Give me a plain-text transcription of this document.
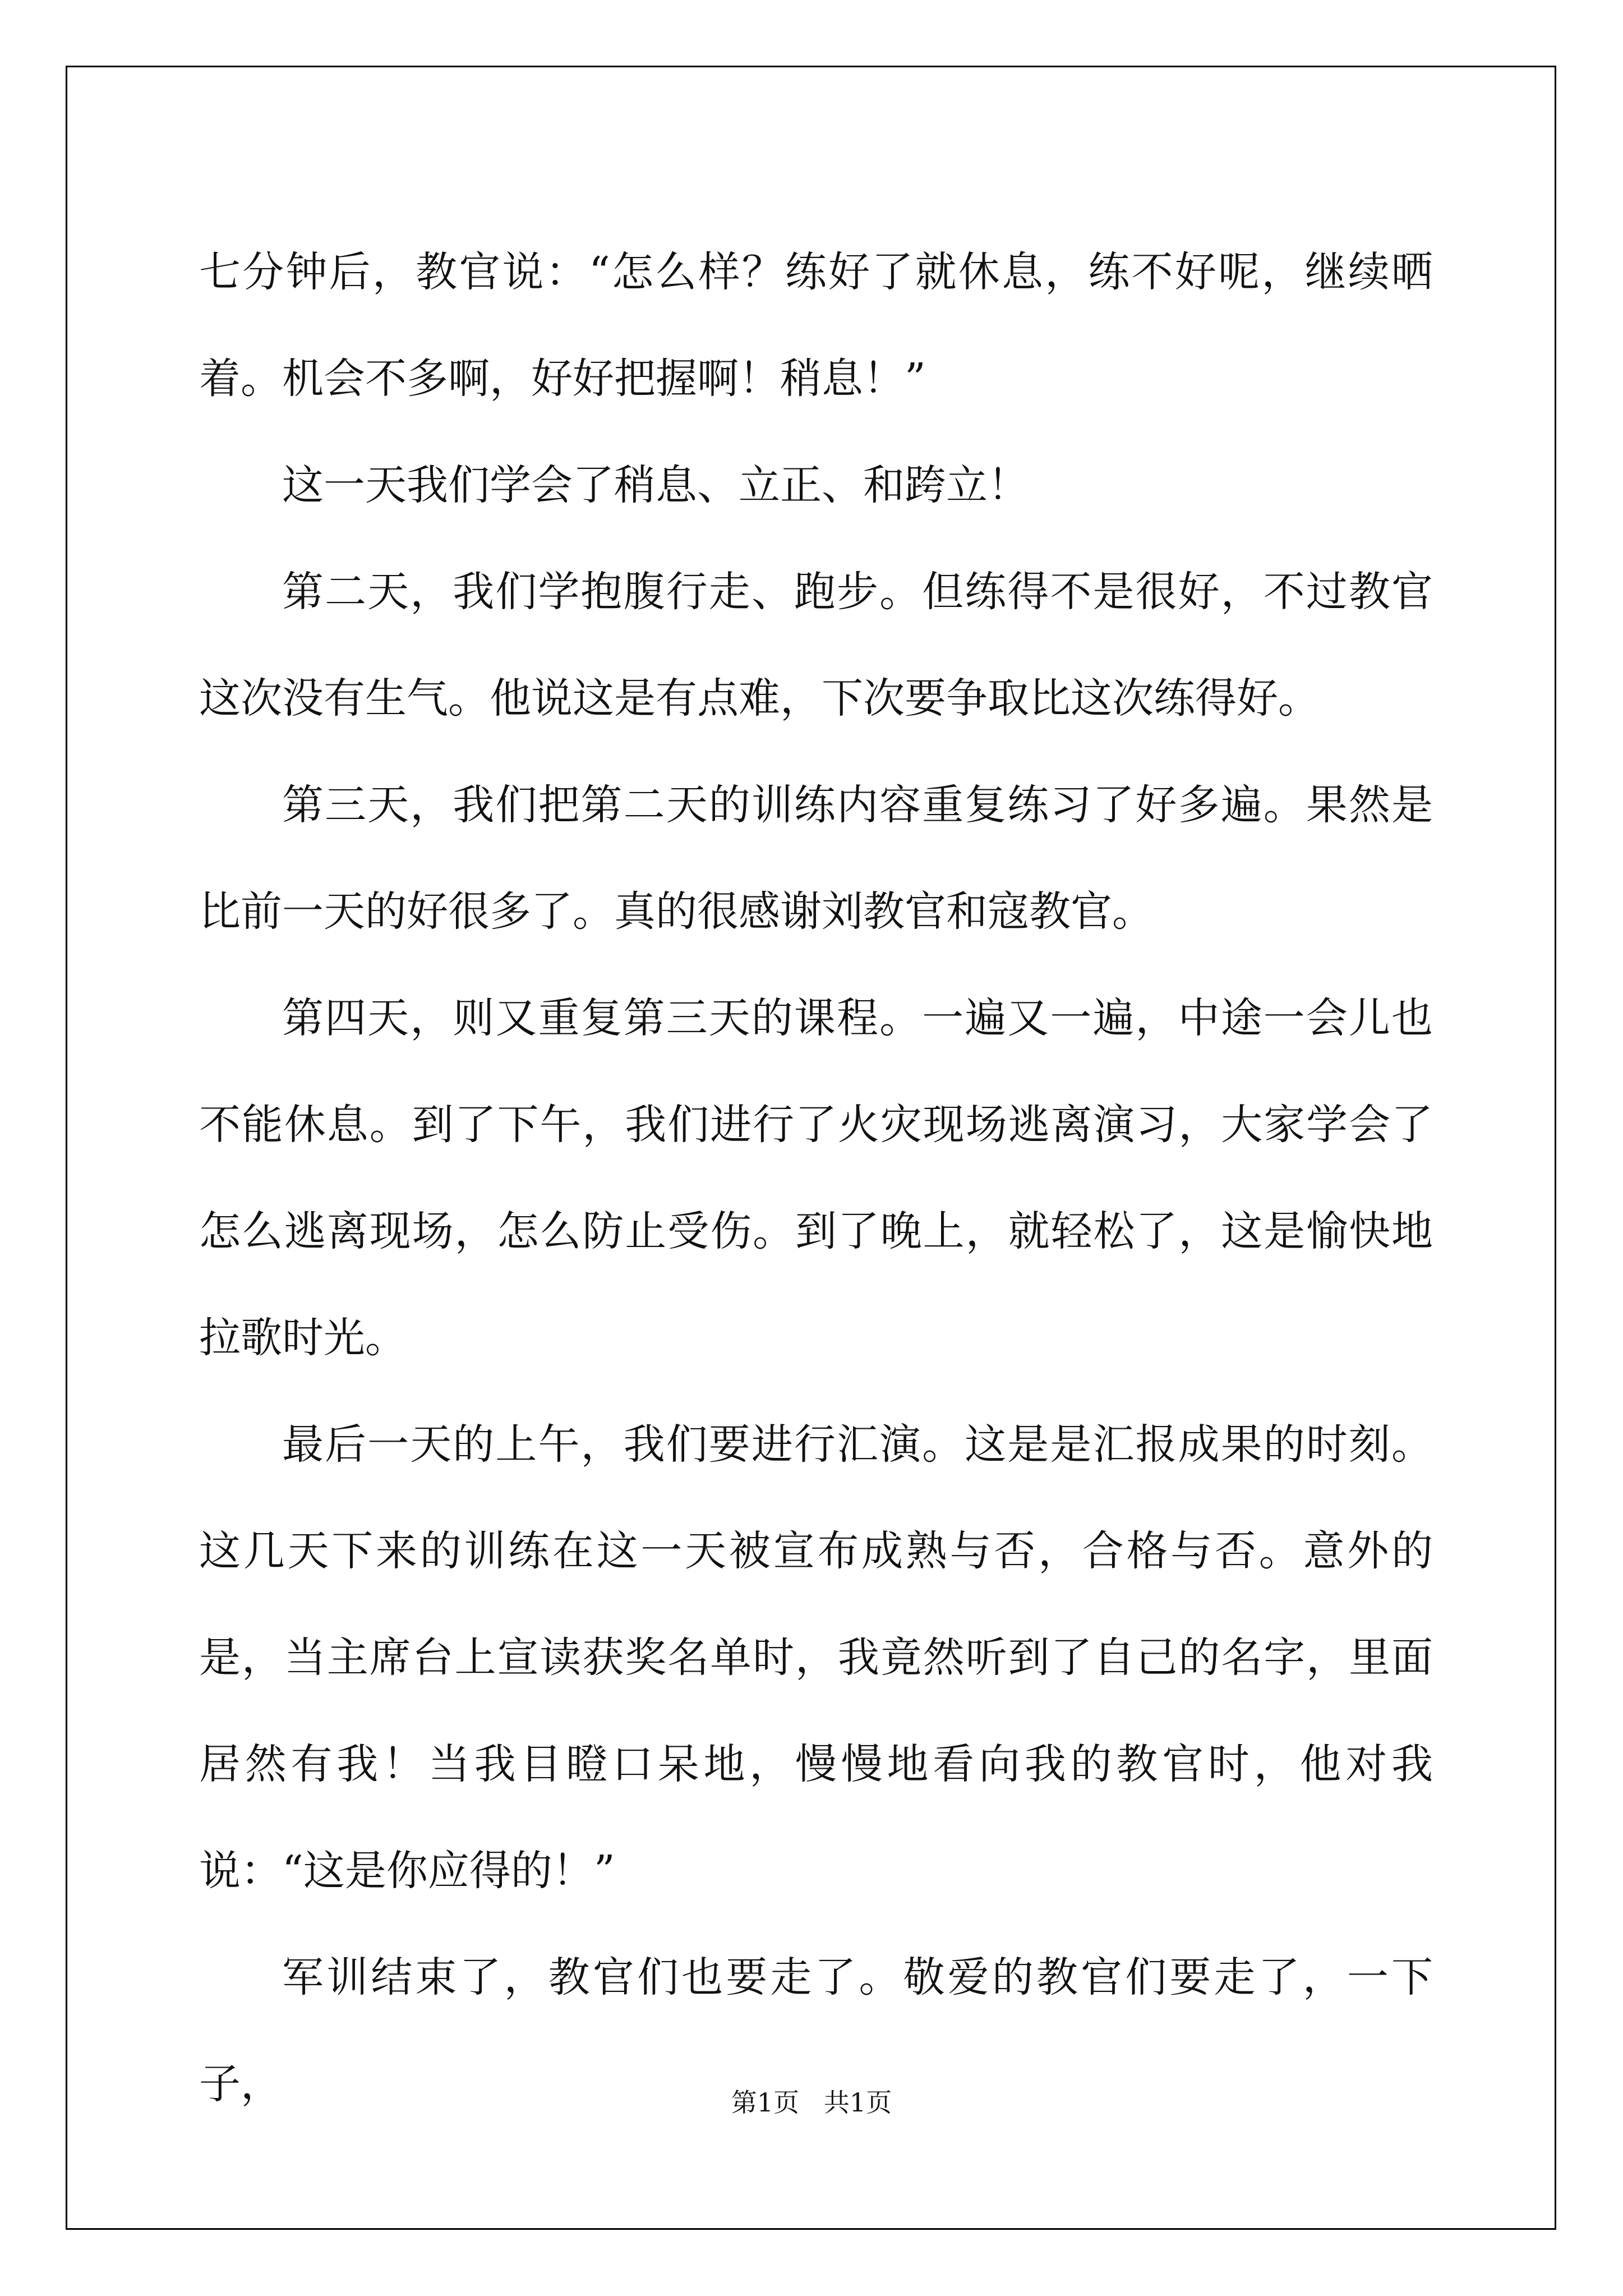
七分钟后，教官说：“怎么样？练好了就休息，练不好呢，继续晒着。机会不多啊，好好把握啊！稍息！”

这一天我们学会了稍息、立正、和跨立！

第二天，我们学抱腹行走、跑步。但练得不是很好，不过教官这次没有生气。他说这是有点难，下次要争取比这次练得好。

第三天，我们把第二天的训练内容重复练习了好多遍。果然是比前一天的好很多了。真的很感谢刘教官和寇教官。

第四天，则又重复第三天的课程。一遍又一遍，中途一会儿也不能休息。到了下午，我们进行了火灾现场逃离演习，大家学会了怎么逃离现场，怎么防止受伤。到了晚上，就轻松了，这是愉快地拉歌时光。

最后一天的上午，我们要进行汇演。这是是汇报成果的时刻。这几天下来的训练在这一天被宣布成熟与否，合格与否。意外的是，当主席台上宣读获奖名单时，我竟然听到了自己的名字，里面居然有我！当我目瞪口呆地，慢慢地看向我的教官时，他对我说：“这是你应得的！”

军训结束了，教官们也要走了。敬爱的教官们要走了，一下子，	第1页   共1页
